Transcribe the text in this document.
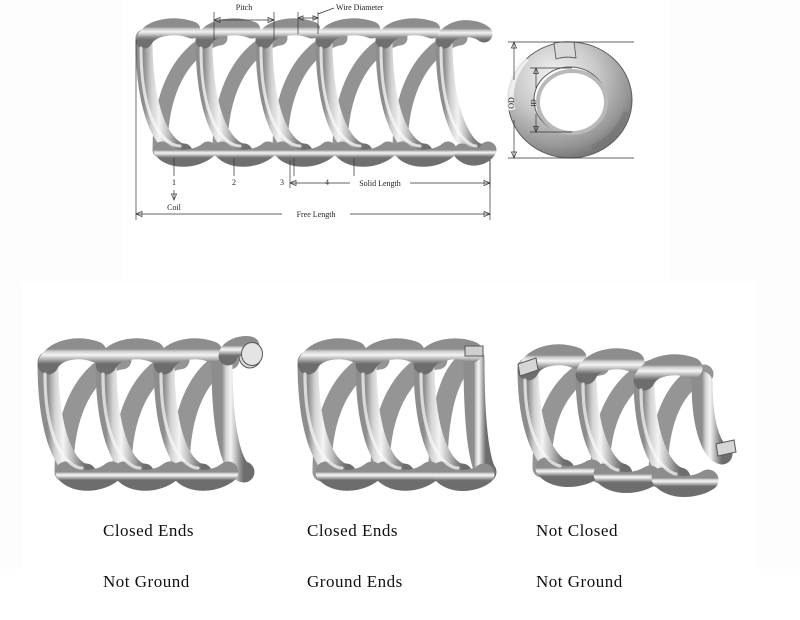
Pitch	Wire Diameter
1	2	3	4
Coil
Solid Length
Free Length
OD ID

Closed Ends

Not Ground

Closed Ends

Ground Ends

Not Closed

Not Ground
